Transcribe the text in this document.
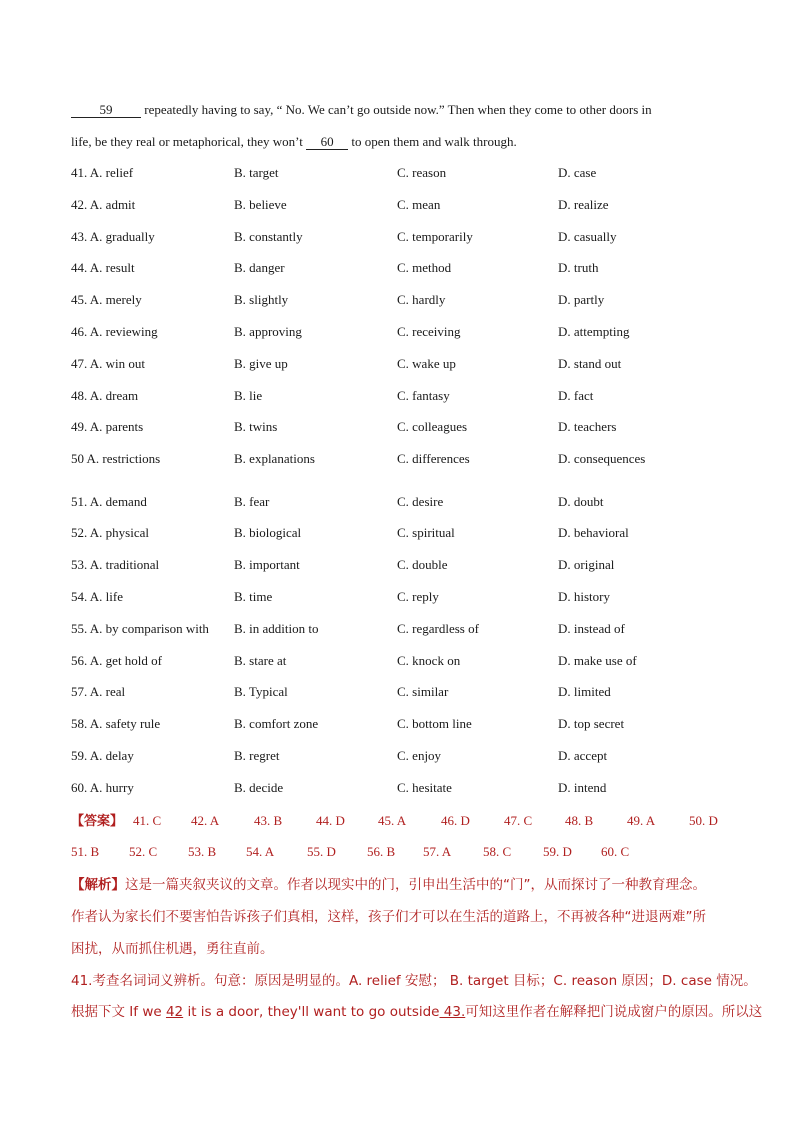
59 repeatedly having to say, “ No. We can’t go outside now.” Then when they come to other doors in
life, be they real or metaphorical, they won’t 60 to open them and walk through.
41. A. relief	B. target	C. reason	D. case
42. A. admit	B. believe	C. mean	D. realize
43. A. gradually	B. constantly	C. temporarily	D. casually
44. A. result	B. danger	C. method	D. truth
45. A. merely	B. slightly	C. hardly	D. partly
46. A. reviewing	B. approving	C. receiving	D. attempting
47. A. win out	B. give up	C. wake up	D. stand out
48. A. dream	B. lie	C. fantasy	D. fact
49. A. parents	B. twins	C. colleagues	D. teachers
50 A. restrictions	B. explanations	C. differences	D. consequences
51. A. demand	B. fear	C. desire	D. doubt
52. A. physical	B. biological	C. spiritual	D. behavioral
53. A. traditional	B. important	C. double	D. original
54. A. life	B. time	C. reply	D. history
55. A. by comparison with B. in addition to	C. regardless of	D. instead of
56. A. get hold of	B. stare at	C. knock on	D. make use of
57. A. real	B. Typical	C. similar	D. limited
58. A. safety rule	B. comfort zone	C. bottom line	D. top secret
59. A. delay	B. regret	C. enjoy	D. accept
60. A. hurry	B. decide	C. hesitate	D. intend
【答案】 41. C 42. A	43. B	44. D	45. A	46. D	47. C	48. B	49. A	50. D
51. B 52. C 53. B 54. A	55. D 56. B 57. A 58. C 59. D 60. C
【解析】这是一篇夹叙夹议的文章。作者以现实中的门，引申出生活中的“门”，从而探讨了一种教育理念。
作者认为家长们不要害怕告诉孩子们真相，这样，孩子们才可以在生活的道路上，不再被各种“进退两难”所
困扰，从而抓住机遇，勇往直前。
41.考查名词词义辨析。句意：原因是明显的。A. relief 安慰； B. target 目标；C. reason 原因；D. case 情况。
根据下文 If we 42 it is a door, they'll want to go outside 43.可知这里作者在解释把门说成窗户的原因。所以这
